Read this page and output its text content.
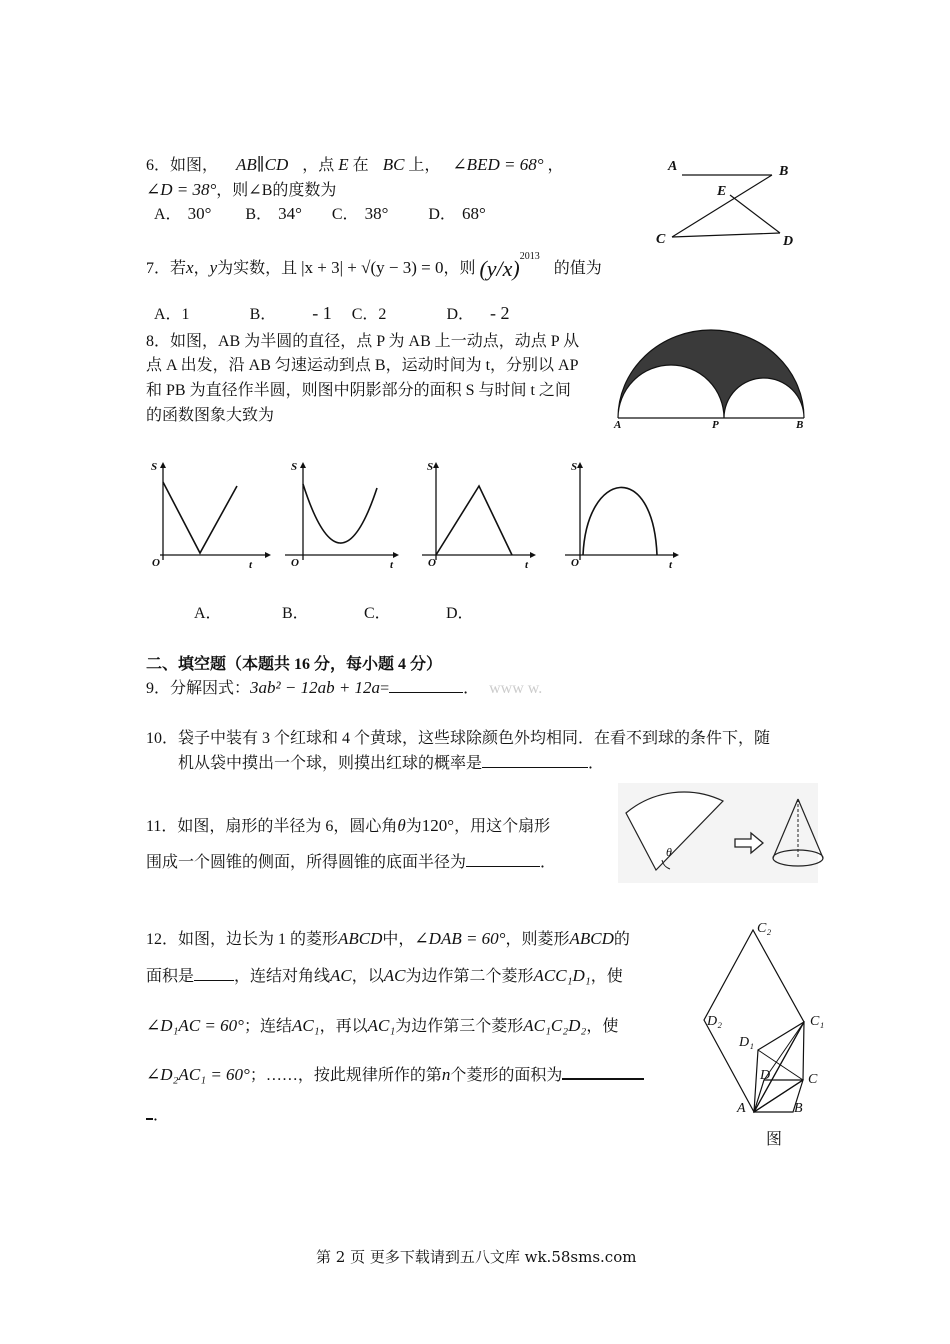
6．如图， AB∥CD ，点 E 在 BC 上， ∠BED = 68° ，
∠D = 38°，则∠B的度数为
A． 30° B． 34° C． 38°	D． 68°
A	B
E
C	D
7．若x，y为实数，且 |x + 3| + √(y − 3) = 0，则 $(y/x)^{2013}$ 的值为
A．1	B． - 1 C．2	D． - 2
8．如图，AB 为半圆的直径，点 P 为 AB 上一动点，动点 P 从
点 A 出发，沿 AB 匀速运动到点 B，运动时间为 t，分别以 AP
和 PB 为直径作半圆，则图中阴影部分的面积 S 与时间 t 之间
的函数图象大致为
A	P	B
S
O	t
S
O	t
S
O	t
S
O	t
A．	B．	C．	D．
二、填空题（本题共 16 分，每小题 4 分）
9．分解因式：3ab² − 12ab + 12a=	． www w.
10．袋子中装有 3 个红球和 4 个黄球，这些球除颜色外均相同．在看不到球的条件下，随
机从袋中摸出一个球，则摸出红球的概率是	．
11．如图，扇形的半径为 6，圆心角θ为120°，用这个扇形
围成一个圆锥的侧面，所得圆锥的底面半径为	．
θ
12．如图，边长为 1 的菱形ABCD中，∠DAB = 60°，则菱形ABCD的
面积是	，连结对角线AC，以AC为边作第二个菱形ACC₁D₁，使
∠D₁AC = 60°；连结AC₁，再以AC₁为边作第三个菱形AC₁C₂D₂，使
∠D₂AC₁ = 60°；……，按此规律所作的第n个菱形的面积为
．
C₂
D₂	C₁
D₁
D	C
A	B
图
第 2 页 更多下载请到五八文库 wk.58sms.com
